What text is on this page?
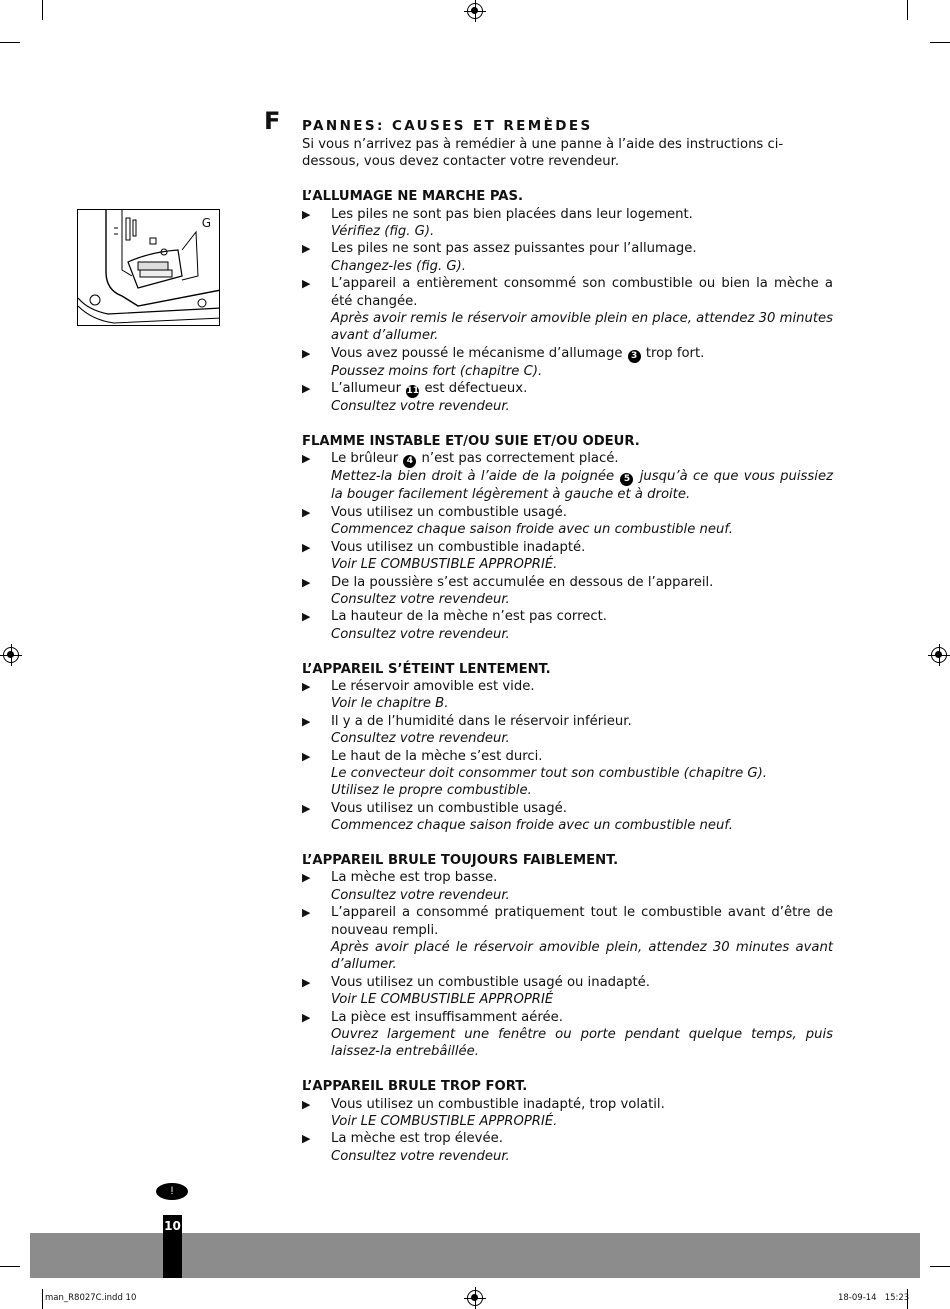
F PANNES: CAUSES ET REMÈDES
G

Si vous n’arrivez pas à remédier à une panne à l’aide des instructions ci-dessous, vous devez contacter votre revendeur.

L’ALLUMAGE NE MARCHE PAS.
▶ Les piles ne sont pas bien placées dans leur logement.
Vérifiez (fig. G).
▶ Les piles ne sont pas assez puissantes pour l’allumage.
Changez-les (fig. G).
▶ L’appareil a entièrement consommé son combustible ou bien la mèche a été changée.
Après avoir remis le réservoir amovible plein en place, attendez 30 minutes avant d’allumer.
▶ Vous avez poussé le mécanisme d’allumage 3 trop fort.
Poussez moins fort (chapitre C).
▶ L’allumeur 11 est défectueux.
Consultez votre revendeur.
FLAMME INSTABLE ET/OU SUIE ET/OU ODEUR.
▶ Le brûleur 4 n’est pas correctement placé.
Mettez-la bien droit à l’aide de la poignée 5 jusqu’à ce que vous puissiez la bouger facilement légèrement à gauche et à droite.
▶ Vous utilisez un combustible usagé.
Commencez chaque saison froide avec un combustible neuf.
▶ Vous utilisez un combustible inadapté.
Voir LE COMBUSTIBLE APPROPRIÉ.
▶ De la poussière s’est accumulée en dessous de l’appareil.
Consultez votre revendeur.
▶ La hauteur de la mèche n’est pas correct.
Consultez votre revendeur.
L’APPAREIL S’ÉTEINT LENTEMENT.
▶ Le réservoir amovible est vide.
Voir le chapitre B.
▶ Il y a de l’humidité dans le réservoir inférieur.
Consultez votre revendeur.
▶ Le haut de la mèche s’est durci.
Le convecteur doit consommer tout son combustible (chapitre G).
Utilisez le propre combustible.
▶ Vous utilisez un combustible usagé.
Commencez chaque saison froide avec un combustible neuf.
L’APPAREIL BRULE TOUJOURS FAIBLEMENT.
▶ La mèche est trop basse.
Consultez votre revendeur.
▶ L’appareil a consommé pratiquement tout le combustible avant d’être de nouveau rempli.
Après avoir placé le réservoir amovible plein, attendez 30 minutes avant d’allumer.
▶ Vous utilisez un combustible usagé ou inadapté.
Voir LE COMBUSTIBLE APPROPRIÉ
▶ La pièce est insuffisamment aérée.
Ouvrez largement une fenêtre ou porte pendant quelque temps, puis laissez-la entrebâillée.
L’APPAREIL BRULE TROP FORT.
▶ Vous utilisez un combustible inadapté, trop volatil.
Voir LE COMBUSTIBLE APPROPRIÉ.
▶ La mèche est trop élevée.
Consultez votre revendeur.
ᴉ
10
man_R8027C.indd 10	18-09-14 15:23
